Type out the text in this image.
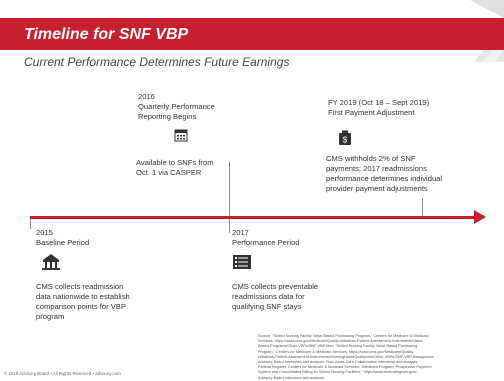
Timeline for SNF VBP
Current Performance Determines Future Earnings
2016
Quarterly Performance
Reporting Begins
Available to SNFs from
Oct. 1 via CASPER
FY 2019 (Oct 18 – Sept 2019)
First Payment Adjustment
$
CMS withholds 2% of SNF
payments; 2017 readmissions
performance determines individual
provider payment adjustments
2015
Baseline Period
CMS collects readmission
data nationwide to establish
comparison points for VBP
program
2017
Performance Period
CMS collects preventable
readmissions data for
qualifying SNF stays
Source: "Skilled Nursing Facility Value-Based Purchasing Program," Centers for Medicare & Medicaid
Services, https://www.cms.gov/Medicare/Quality-Initiatives-Patient-Assessment-Instruments/Value-
Based-Programs/Other-VBPs/SNF-VBP.html; "Skilled Nursing Facility Value-Based Purchasing
Program," Centers for Medicare & Medicaid Services, https://www.cms.gov/Medicare/Quality-
Initiatives-Patient-Assessment-Instruments/NursingHomeQualityInits/Other-VBPs/SNF-VBP-Background;
Advisory Board interviews and analysis. Post-Acute Care Collaborative interviews and analysis;
Federal Register, Centers for Medicare & Medicaid Services, "Medicare Program; Prospective Payment
System and Consolidated Billing for Skilled Nursing Facilities," https://www.federalregister.gov/;
Advisory Board interviews and analysis.
© 2018 Advisory Board • All Rights Reserved • advisory.com
